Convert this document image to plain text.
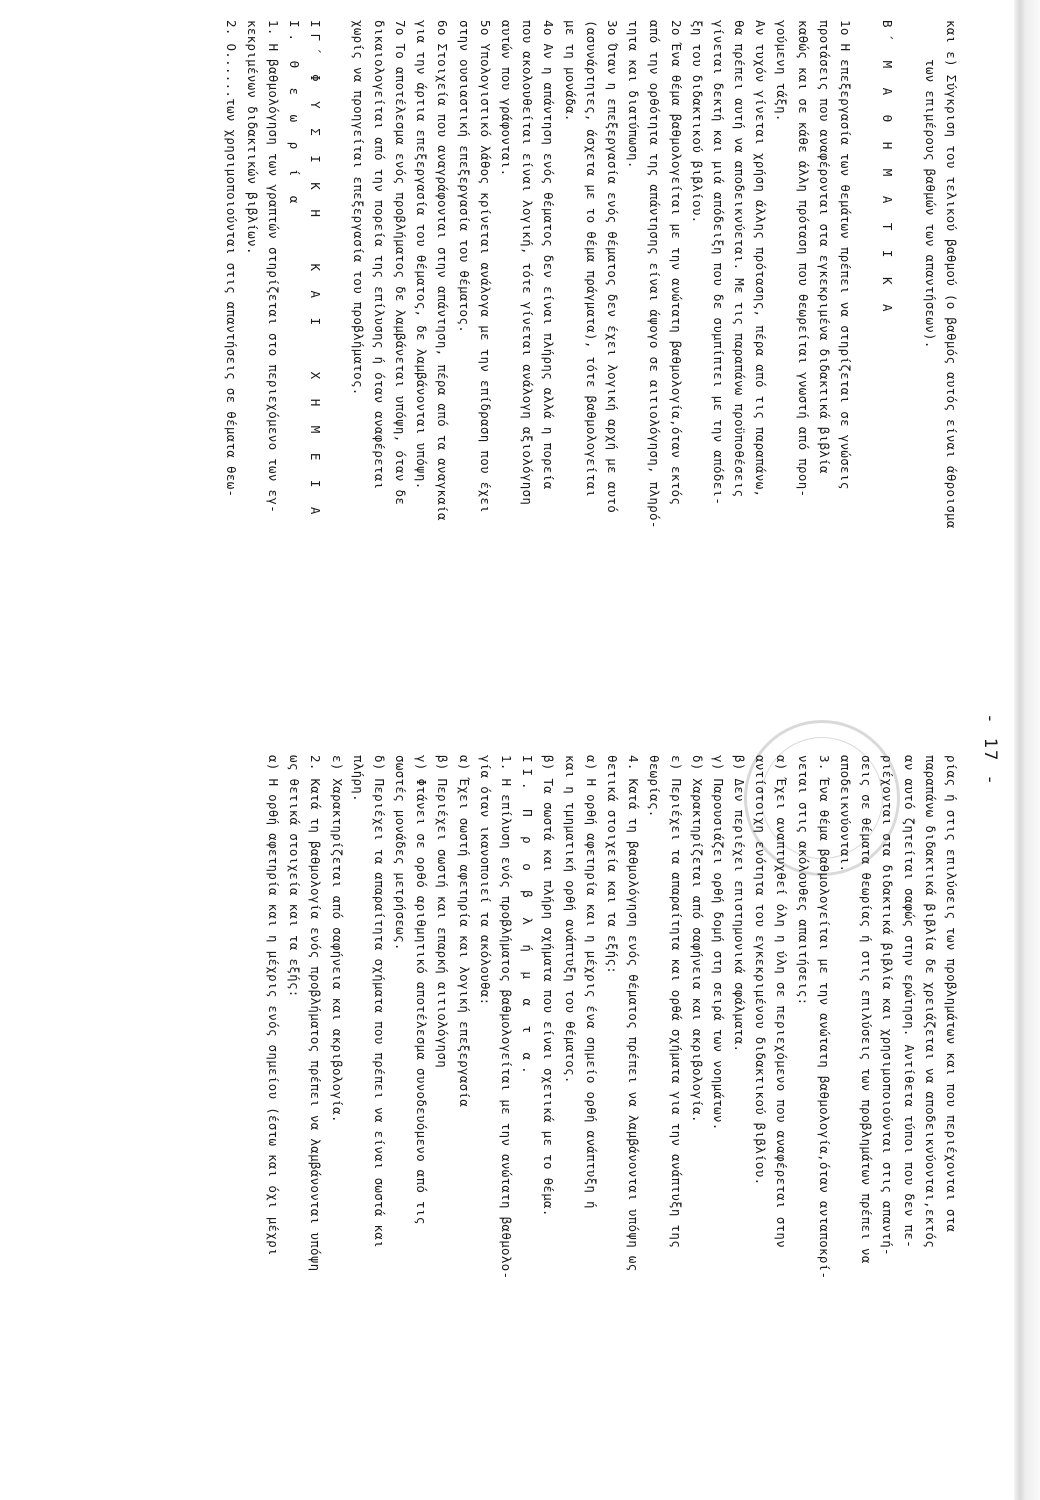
- 17 -
και ε) Σύγκριση του τελικού βαθμού (ο βαθμός αυτός είναι άθροισμα
των επιμέρους βαθμών των απαντήσεων).
Β΄ Μ Α Θ Η Μ Α Τ Ι Κ Α
1ο Η επεξεργασία των θεμάτων πρέπει να στηρίζεται σε γνώσεις
προτάσεις που αναφέρονται στα εγκεκριμένα διδακτικά βιβλία
καθώς και σε κάθε άλλη πρόταση που θεωρείται γνωστή από προη-
γούμενη τάξη.
Αν τυχόν γίνεται χρήση άλλης πρότασης, πέρα από τις παραπάνω,
θα πρέπει αυτή να αποδεικνύεται. Με τις παραπάνω προϋποθέσεις
γίνεται δεκτή και μιά απόδειξη που δε συμπίπτει με την απόδει-
ξη του διδακτικού βιβλίου.
2ο Ένα θέμα βαθμολογείται με την ανώτατη βαθμολογία,όταν εκτός
από την ορθότητα της απάντησης είναι άψογο σε αιτιολόγηση, πληρό-
τητα και διατύπωση.
3ο Όταν η επεξεργασία ενός θέματος δεν έχει λογική αρχή με αυτό
(ασυνάρτητες, άσχετα με το θέμα πράγματα), τότε βαθμολογείται
με τη μονάδα.
4ο Αν η απάντηση ενός θέματος δεν είναι πλήρης αλλά η πορεία
που ακολουθείται είναι λογική, τότε γίνεται ανάλογη αξιολόγηση
αυτών που γράφονται.
5ο Υπολογιστικό λάθος κρίνεται ανάλογα με την επίδραση που έχει
στην ουσιαστική επεξεργασία του θέματος.
6ο Στοιχεία που αναγράφονται στην απάντηση, πέρα από τα αναγκαία
για την άρτια επεξεργασία του θέματος, δε λαμβάνονται υπόψη.
7ο Το αποτέλεσμα ενός προβλήματος δε λαμβάνεται υπόψη, όταν δε
δικαιολογείται από την πορεία της επίλυσης ή όταν αναφέρεται
χωρίς να προηγείται επεξεργασία του προβλήματος.
ΙΓ΄ Φ Υ Σ Ι Κ Η   Κ Α Ι   Χ Η Μ Ε Ι Α
Ι. Θ ε ω ρ ί α
1. Η βαθμολόγηση των γραπτών στηρίζεται στο περιεχόμενο των εγ-
κεκριμένων διδακτικών βιβλίων.
2. Ο......των χρησιμοποιούνται στις απαντήσεις σε θέματα θεω-
ρίας ή στις επιλύσεις των προβλημάτων και που περιέχονται στα
παραπάνω διδακτικά βιβλία δε χρειάζεται να αποδεικνύονται,εκτός
αν αυτό ζητείται σαφώς στην ερώτηση. Αντίθετα τύποι που δεν πε-
ριέχονται στα διδακτικά βιβλία και χρησιμοποιούνται στις απαντή-
σεις σε θέματα θεωρίας ή στις επιλύσεις των προβλημάτων πρέπει να
αποδεικνύονται.
3. Ένα θέμα βαθμολογείται με την ανώτατη βαθμολογία,όταν ανταποκρί-
νεται στις ακόλουθες απαιτήσεις:
α) Έχει αναπτυχθεί όλη η ύλη σε περιεχόμενο που αναφέρεται στην
αντίστοιχη ενότητα του εγκεκριμένου διδακτικού βιβλίου.
β) Δεν περιέχει επιστημονικά σφάλματα.
γ) Παρουσιάζει ορθή δομή στη σειρά των νοημάτων.
δ) Χαρακτηρίζεται από σαφήνεια και ακριβολογία.
ε) Περιέχει τα απαραίτητα και ορθά σχήματα για την ανάπτυξη της
θεωρίας.
4. Κατά τη βαθμολόγηση ενός θέματος πρέπει να λαμβάνονται υπόψη ως
θετικά στοιχεία και τα εξής:
α) Η ορθή αφετηρία και η μέχρις ένα σημείο ορθή ανάπτυξη ή
και η τμηματική ορθή ανάπτυξη του θέματος.
β) Τα σωστά και πλήρη σχήματα που είναι σχετικά με το θέμα.
ΙΙ. Π ρ ο β λ ή μ α τ α.
1. Η επίλυση ενός προβλήματος βαθμολογείται με την ανώτατη βαθμολο-
γία όταν ικανοποιεί τα ακόλουθα:
α) Έχει σωστή αφετηρία και λογική επεξεργασία
β) Περιέχει σωστή και επαρκή αιτιολόγηση
γ) Φτάνει σε ορθό αριθμητικό αποτέλεσμα συνοδευόμενο από τις
σωστές μονάδες μετρήσεως.
δ) Περιέχει τα απαραίτητα σχήματα που πρέπει να είναι σωστά και
πλήρη.
ε) Χαρακτηρίζεται από σαφήνεια και ακριβολογία.
2. Κατά τη βαθμολογία ενός προβλήματος πρέπει να λαμβάνονται υπόψη
ως θετικά στοιχεία και τα εξής:
α) Η ορθή αφετηρία και η μέχρις ενός σημείου (έστω και όχι μέχρι
